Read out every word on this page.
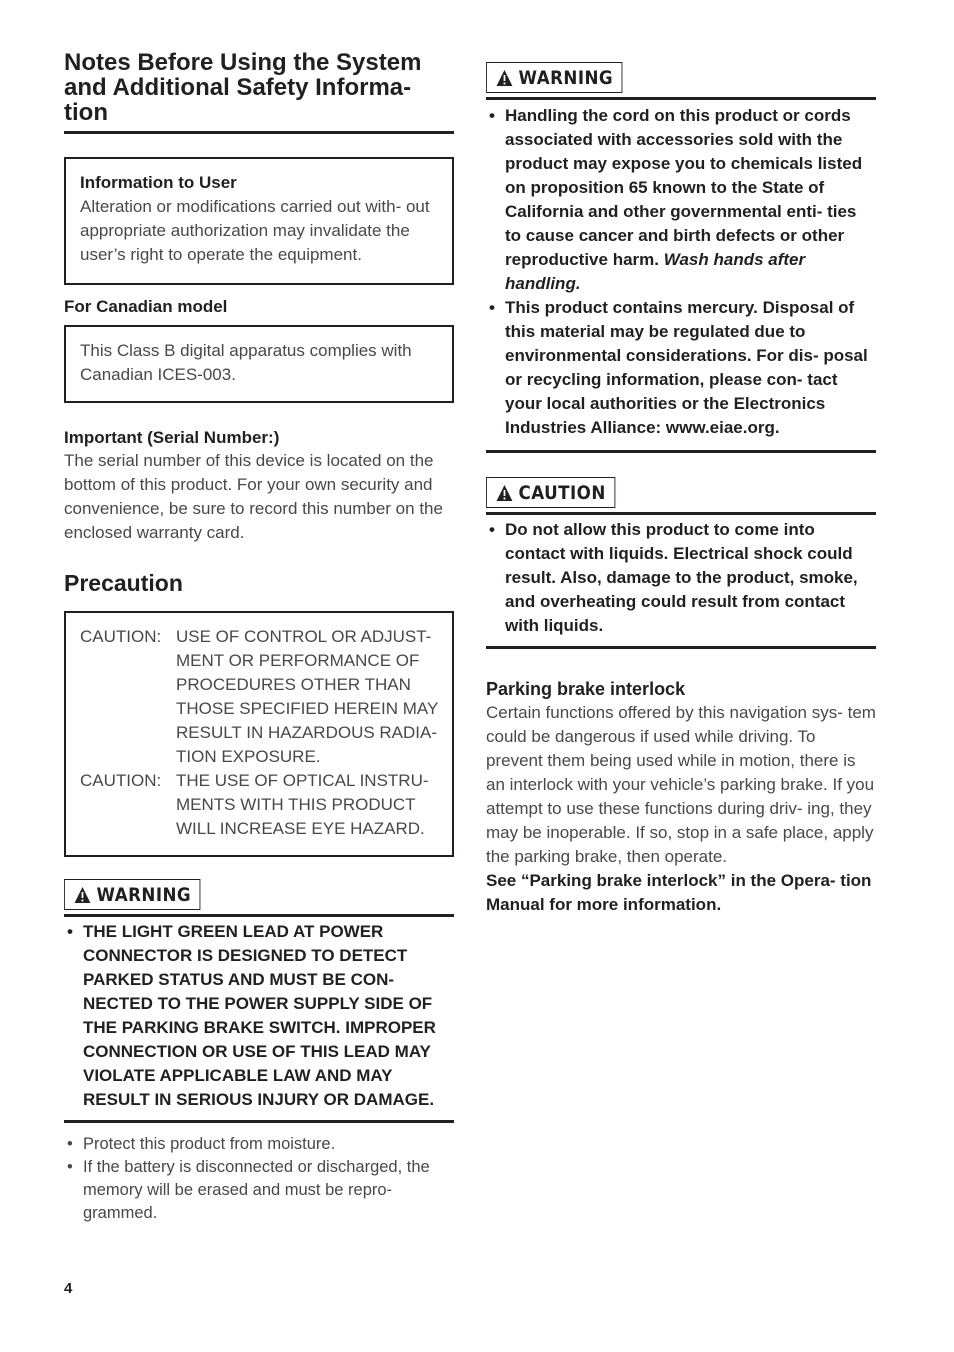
Notes Before Using the System and Additional Safety Informa- tion
Information to User
Alteration or modifications carried out with- out appropriate authorization may invalidate the user’s right to operate the equipment.

For Canadian model

This Class B digital apparatus complies with Canadian ICES-003.

Important (Serial Number:)

The serial number of this device is located on the bottom of this product. For your own security and convenience, be sure to record this number on the enclosed warranty card.

Precaution
CAUTION:	USE OF CONTROL OR ADJUST- MENT OR PERFORMANCE OF PROCEDURES OTHER THAN THOSE SPECIFIED HEREIN MAY RESULT IN HAZARDOUS RADIA- TION EXPOSURE.
CAUTION:	THE USE OF OPTICAL INSTRU- MENTS WITH THIS PRODUCT WILL INCREASE EYE HAZARD.
WARNING
• THE LIGHT GREEN LEAD AT POWER CONNECTOR IS DESIGNED TO DETECT PARKED STATUS AND MUST BE CON- NECTED TO THE POWER SUPPLY SIDE OF THE PARKING BRAKE SWITCH. IMPROPER CONNECTION OR USE OF THIS LEAD MAY VIOLATE APPLICABLE LAW AND MAY RESULT IN SERIOUS INJURY OR DAMAGE.
• Protect this product from moisture.
• If the battery is disconnected or discharged, the memory will be erased and must be repro- grammed.
4
WARNING
• Handling the cord on this product or cords associated with accessories sold with the product may expose you to chemicals listed on proposition 65 known to the State of California and other governmental enti- ties to cause cancer and birth defects or other reproductive harm. Wash hands after handling.
• This product contains mercury. Disposal of this material may be regulated due to environmental considerations. For dis- posal or recycling information, please con- tact your local authorities or the Electronics Industries Alliance: www.eiae.org.
CAUTION
• Do not allow this product to come into contact with liquids. Electrical shock could result. Also, damage to the product, smoke, and overheating could result from contact with liquids.

Parking brake interlock

Certain functions offered by this navigation sys- tem could be dangerous if used while driving. To prevent them being used while in motion, there is an interlock with your vehicle’s parking brake. If you attempt to use these functions during driv- ing, they may be inoperable. If so, stop in a safe place, apply the parking brake, then operate.

See “Parking brake interlock” in the Opera- tion Manual for more information.
